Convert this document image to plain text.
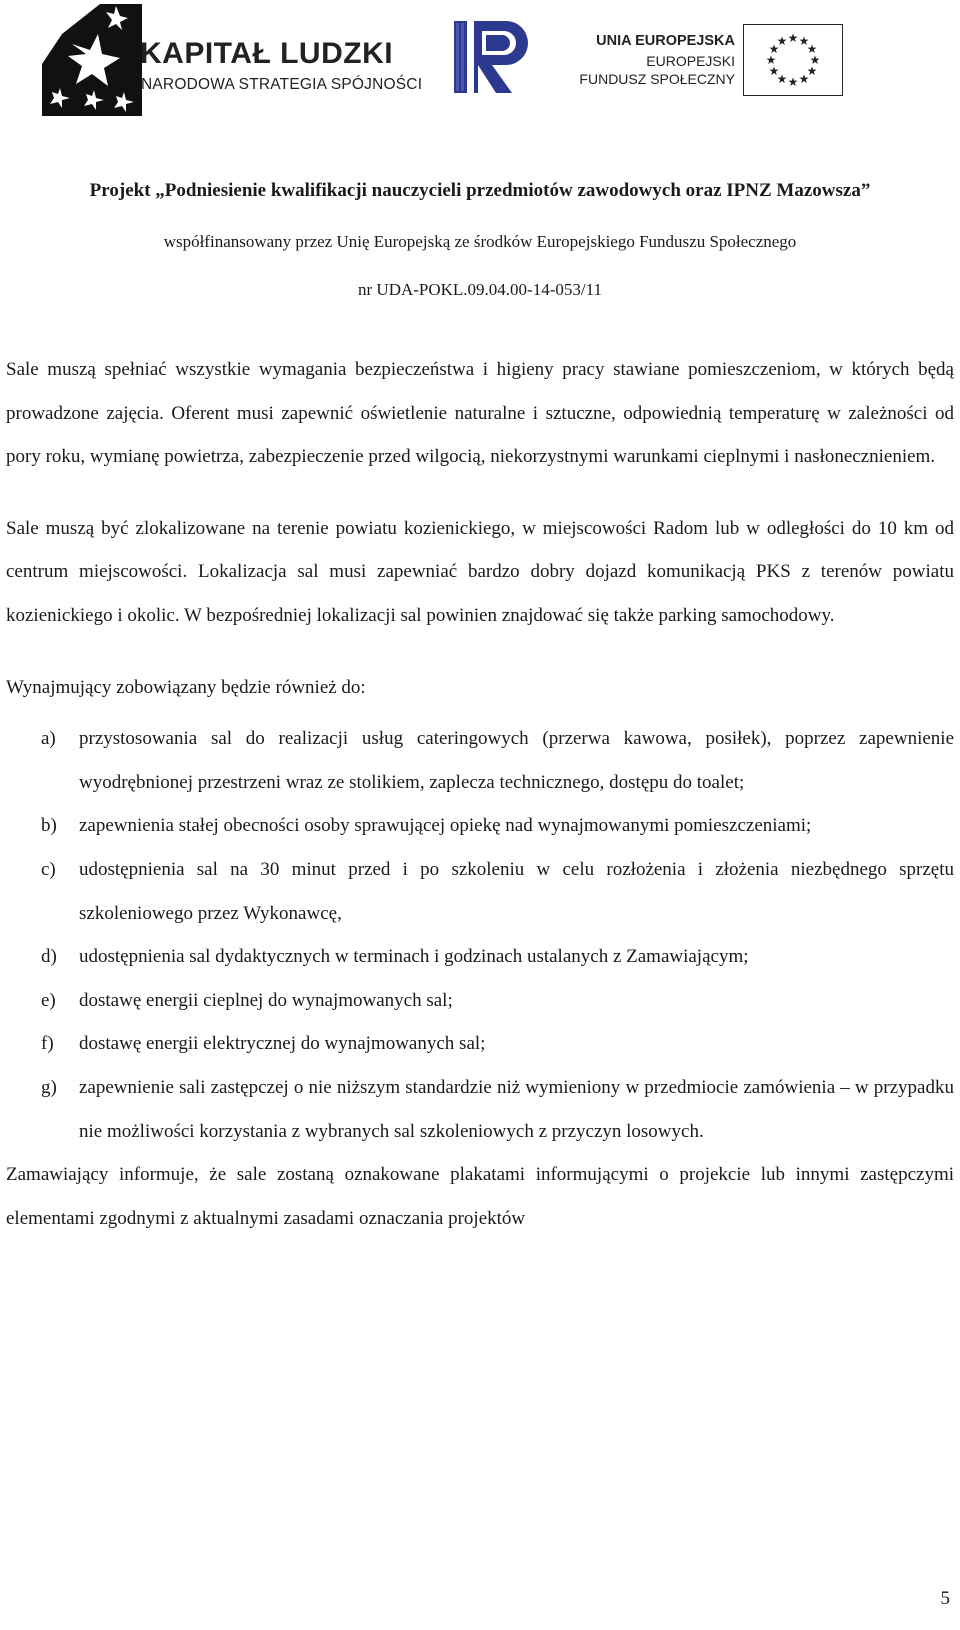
KAPITAŁ LUDZKI
NARODOWA STRATEGIA SPÓJNOŚCI
UNIA EUROPEJSKA
EUROPEJSKI
FUNDUSZ SPOŁECZNY
★ ★
★
★
★
★
★
★
★
★
★
★
Projekt „Podniesienie kwalifikacji nauczycieli przedmiotów zawodowych oraz IPNZ Mazowsza”
współfinansowany przez Unię Europejską ze środków Europejskiego Funduszu Społecznego
nr UDA-POKL.09.04.00-14-053/11

Sale muszą spełniać wszystkie wymagania bezpieczeństwa i higieny pracy stawiane pomieszczeniom, w których będą prowadzone zajęcia. Oferent musi zapewnić oświetlenie naturalne i sztuczne, odpowiednią temperaturę w zależności od pory roku, wymianę powietrza, zabezpieczenie przed wilgocią, niekorzystnymi warunkami cieplnymi i nasłonecznieniem.

Sale muszą być zlokalizowane na terenie powiatu kozienickiego, w miejscowości Radom lub w odległości do 10 km od centrum miejscowości. Lokalizacja sal musi zapewniać bardzo dobry dojazd komunikacją PKS z terenów powiatu kozienickiego i okolic. W bezpośredniej lokalizacji sal powinien znajdować się także parking samochodowy.

Wynajmujący zobowiązany będzie również do:

a) przystosowania sal do realizacji usług cateringowych (przerwa kawowa, posiłek), poprzez zapewnienie wyodrębnionej przestrzeni wraz ze stolikiem, zaplecza technicznego, dostępu do toalet;
b) zapewnienia stałej obecności osoby sprawującej opiekę nad wynajmowanymi pomieszczeniami;
c) udostępnienia sal na 30 minut przed i po szkoleniu w celu rozłożenia i złożenia niezbędnego sprzętu szkoleniowego przez Wykonawcę,
d) udostępnienia sal dydaktycznych w terminach i godzinach ustalanych z Zamawiającym;
e) dostawę energii cieplnej do wynajmowanych sal;
f) dostawę energii elektrycznej do wynajmowanych sal;
g) zapewnienie sali zastępczej o nie niższym standardzie niż wymieniony w przedmiocie zamówienia – w przypadku nie możliwości korzystania z wybranych sal szkoleniowych z przyczyn losowych.

Zamawiający informuje, że sale zostaną oznakowane plakatami informującymi o projekcie lub innymi zastępczymi elementami zgodnymi z aktualnymi zasadami oznaczania projektów

5
